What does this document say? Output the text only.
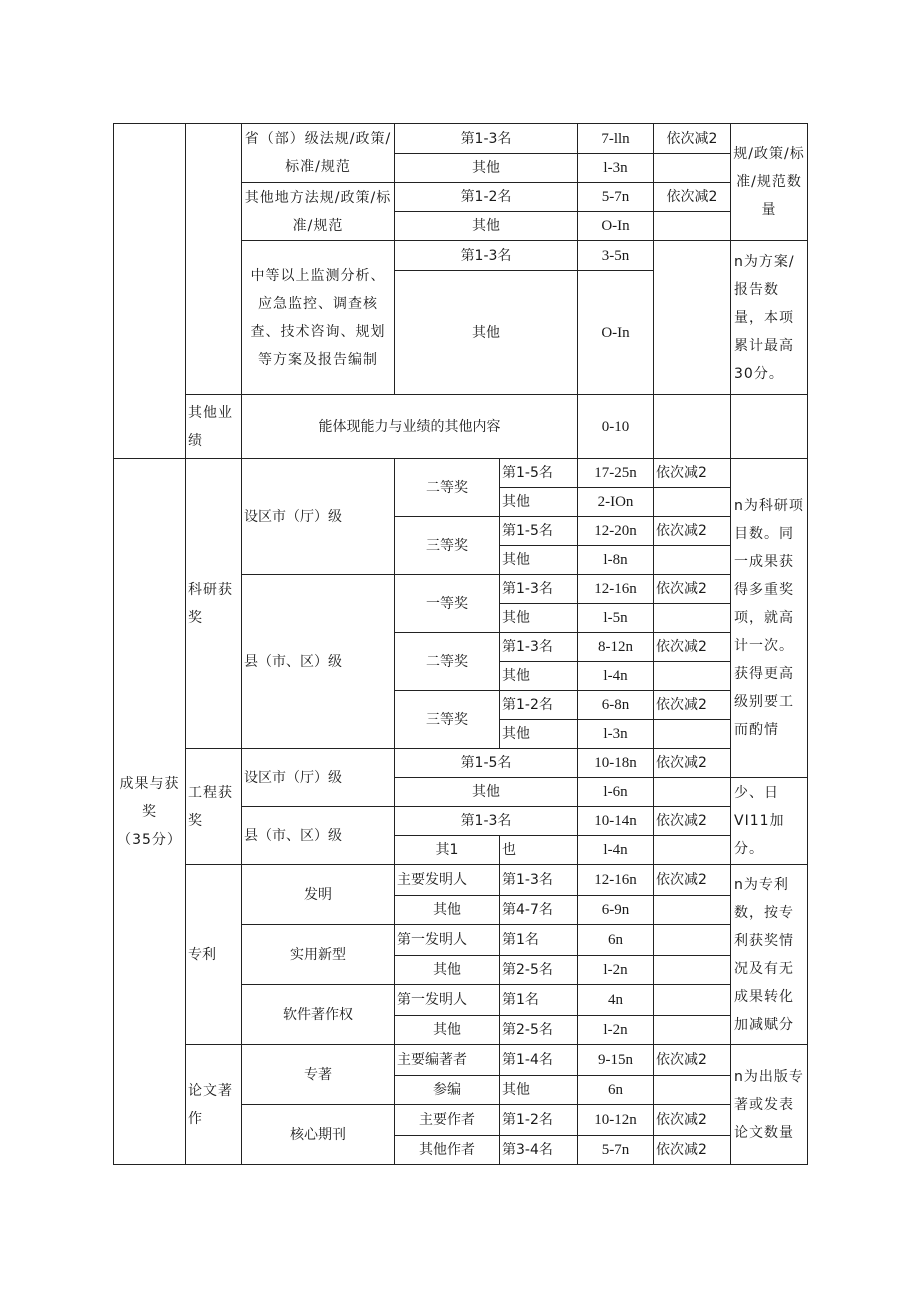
		省（部）级法规/政策/标准/规范	第1-3名		7-lln	依次减2	规/政策/标准/规范数量
			其他		l-3n		
		其他地方法规/政策/标准/规范	第1-2名		5-7n	依次减2	
			其他		O-In		
		中等以上监测分析、应急监控、调查核查、技术咨询、规划等方案及报告编制	第1-3名		3-5n		n为方案/报告数量，本项累计最高30分。
			其他		O-In		

	其他业绩	能体现能力与业绩的其他内容			0-10		
成果与获奖
（35分）	科研获奖	设区市（厅）级	二等奖	第1-5名	17-25n	依次减2	n为科研项目数。同一成果获得多重奖项，就高计一次。获得更高级别要工而酌情
				其他	2-IOn		
			三等奖	第1-5名	12-20n	依次减2	
				其他	l-8n		
		县（市、区）级	一等奖	第1-3名	12-16n	依次减2	
				其他	l-5n		
			二等奖	第1-3名	8-12n	依次减2	
				其他	l-4n		
			三等奖	第1-2名	6-8n	依次减2	
				其他	l-3n		
	工程获奖	设区市（厅）级	第1-5名		10-18n	依次减2	
			其他		l-6n		少、日VI11加分。
		县（市、区）级	第1-3名		10-14n	依次减2	
			其1	也	l-4n		
	专利	发明	主要发明人	第1-3名	12-16n	依次减2	n为专利数，按专利获奖情况及有无成果转化加减赋分
			其他	第4-7名	6-9n		
		实用新型	第一发明人	第1名	6n		
			其他	第2-5名	l-2n		
		软件著作权	第一发明人	第1名	4n		
			其他	第2-5名	l-2n		
	论文著作	专著	主要编著者	第1-4名	9-15n	依次减2	n为出版专著或发表论文数量
			参编	其他	6n		
		核心期刊	主要作者	第1-2名	10-12n	依次减2	
			其他作者	第3-4名	5-7n	依次减2	
